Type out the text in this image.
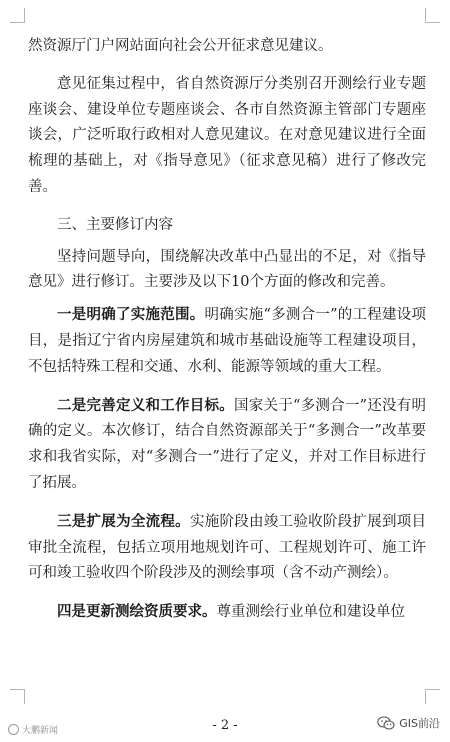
然资源厅门户网站面向社会公开征求意见建议。

意见征集过程中，省自然资源厅分类别召开测绘行业专题座谈会、建设单位专题座谈会、各市自然资源主管部门专题座谈会，广泛听取行政相对人意见建议。在对意见建议进行全面梳理的基础上，对《指导意见》（征求意见稿）进行了修改完善。

三、主要修订内容

坚持问题导向，围绕解决改革中凸显出的不足，对《指导意见》进行修订。主要涉及以下10个方面的修改和完善。

一是明确了实施范围。明确实施“多测合一”的工程建设项目，是指辽宁省内房屋建筑和城市基础设施等工程建设项目，不包括特殊工程和交通、水利、能源等领域的重大工程。

二是完善定义和工作目标。国家关于“多测合一”还没有明确的定义。本次修订，结合自然资源部关于“多测合一”改革要求和我省实际，对“多测合一”进行了定义，并对工作目标进行了拓展。

三是扩展为全流程。实施阶段由竣工验收阶段扩展到项目审批全流程，包括立项用地规划许可、工程规划许可、施工许可和竣工验收四个阶段涉及的测绘事项（含不动产测绘）。

四是更新测绘资质要求。尊重测绘行业单位和建设单位

- 2 -
大鹏新闻
GIS前沿
